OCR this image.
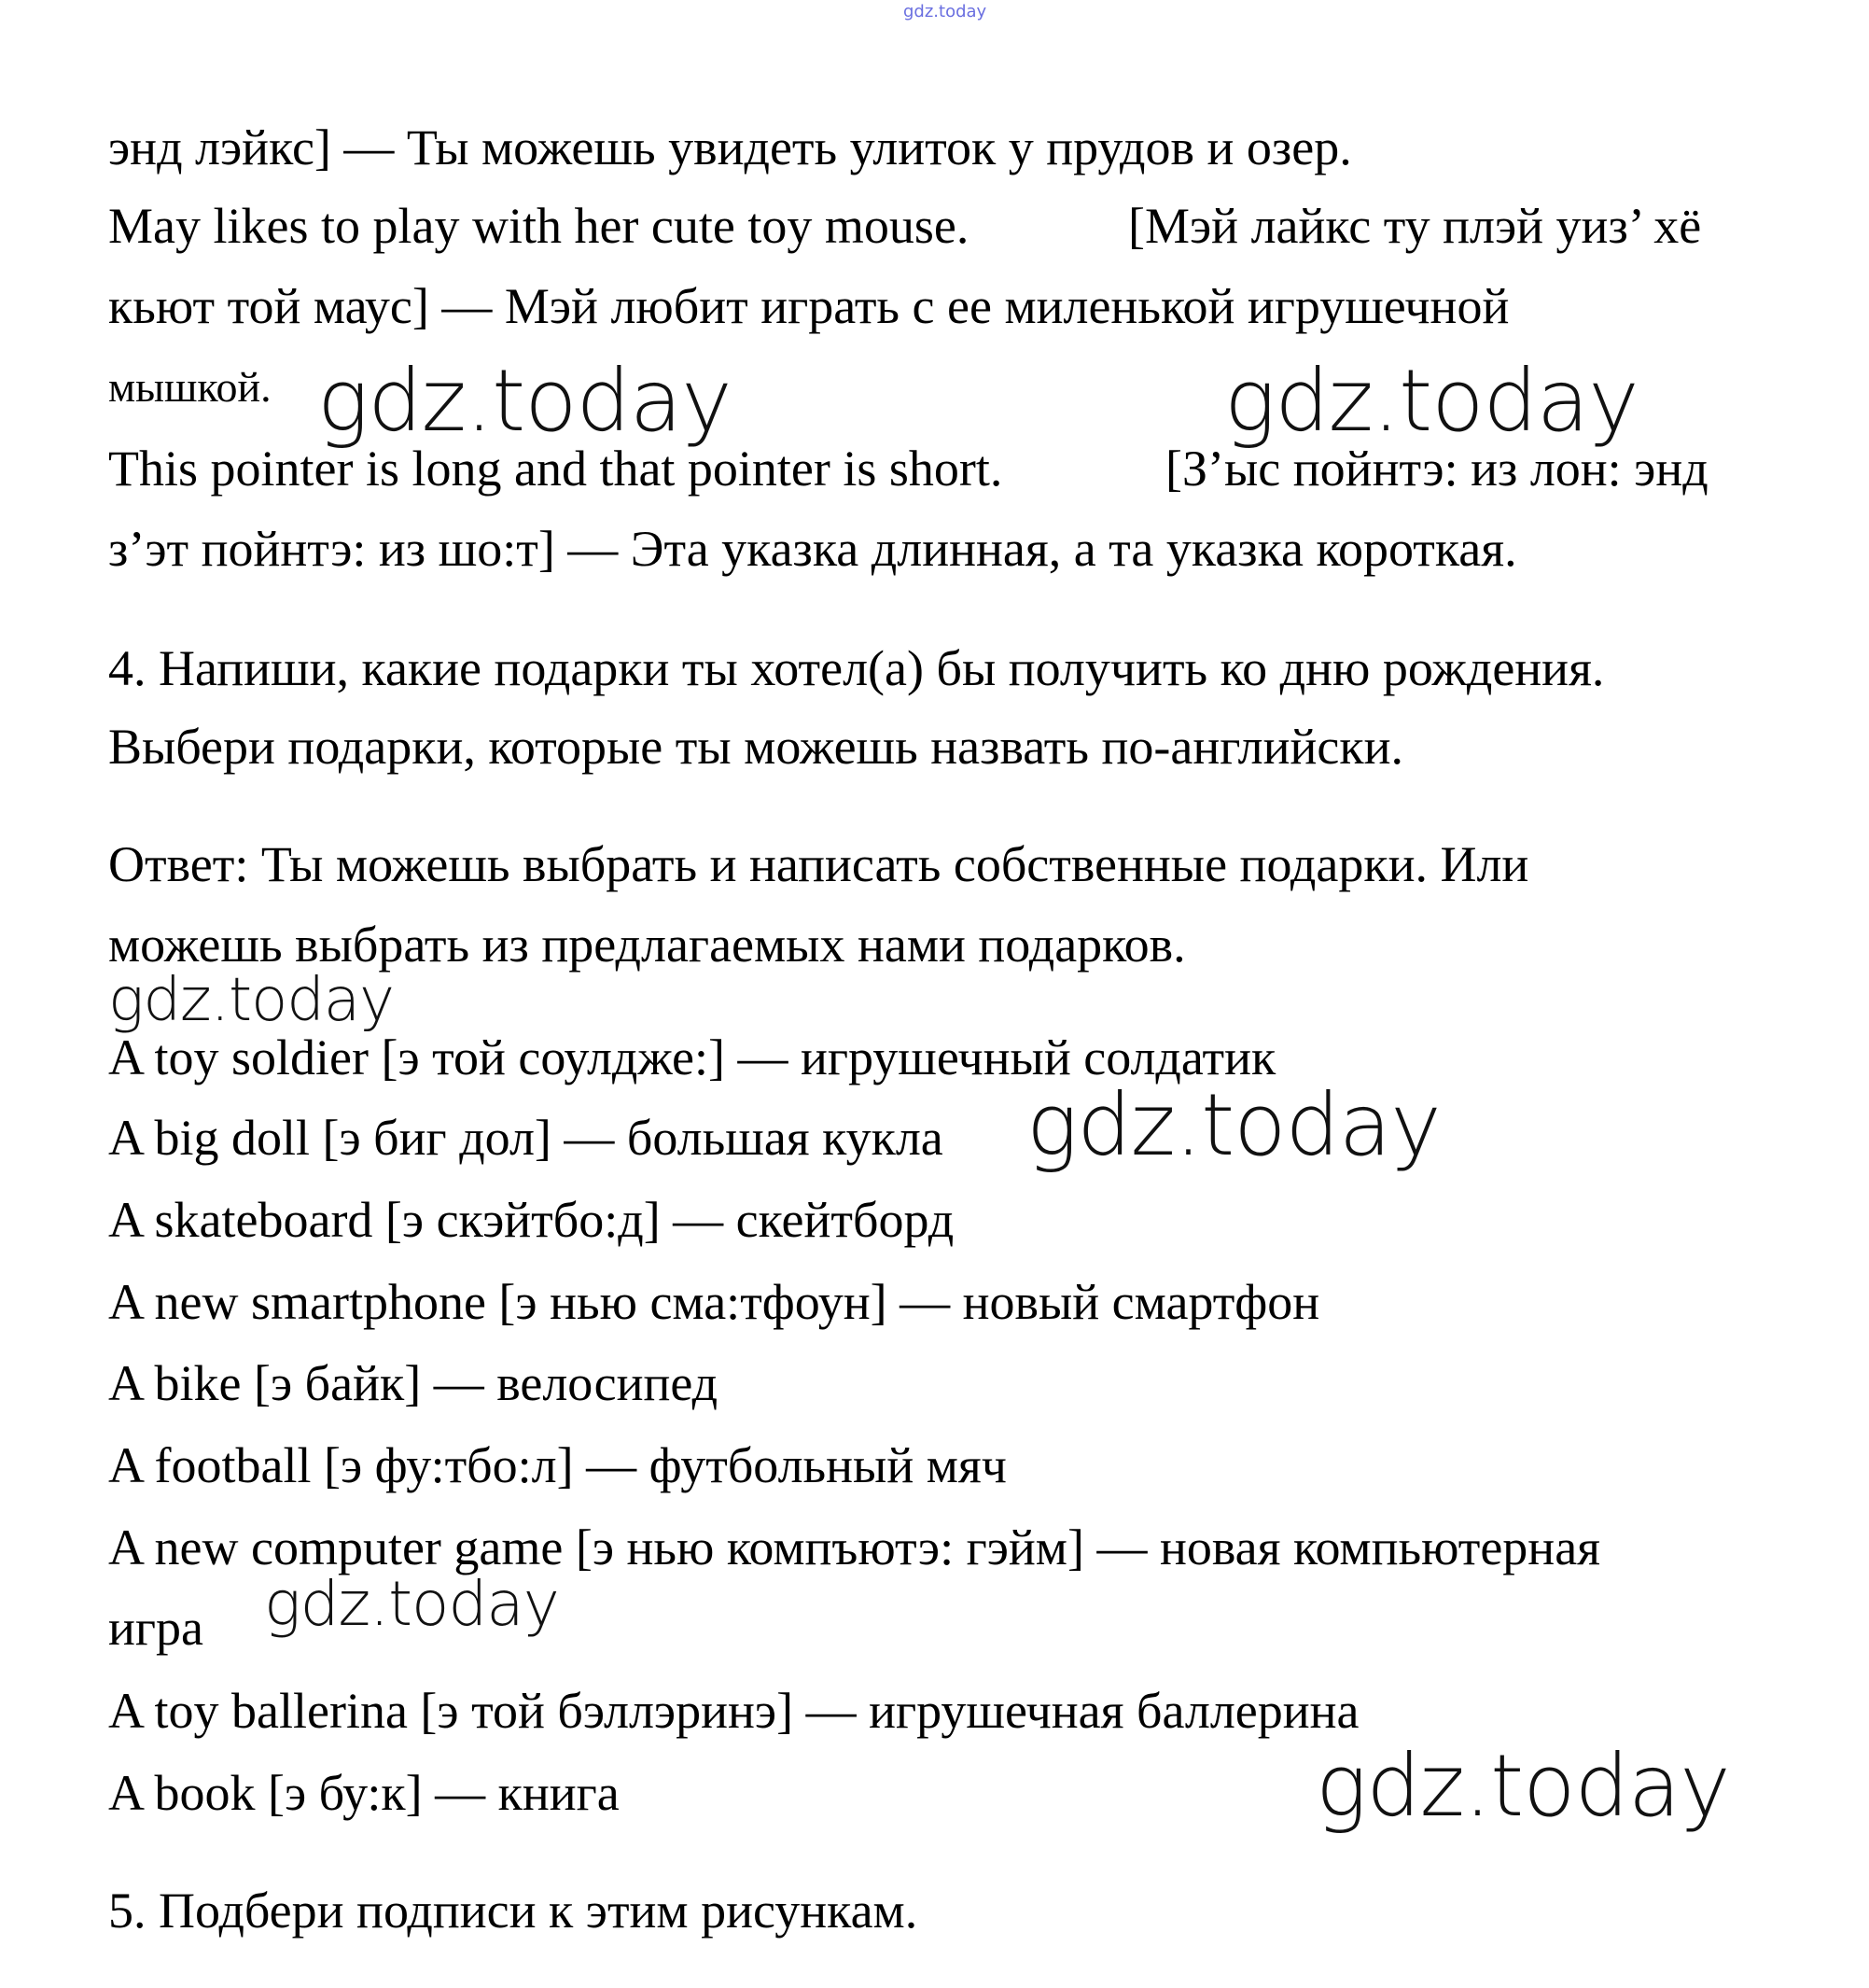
gdz.today
энд лэйкс] — Ты можешь увидеть улиток у прудов и озер.
May likes to play with her cute toy mouse.	[Мэй лайкс ту плэй уиз’ хё
кьют той маус] — Мэй любит играть с ее миленькой игрушечной
мышкой.
This pointer is long and that pointer is short.	[З’ыс пойнтэ: из лон: энд
з’эт пойнтэ: из шо:т] — Эта указка длинная, а та указка короткая.
4. Напиши, какие подарки ты хотел(а) бы получить ко дню рождения.
Выбери подарки, которые ты можешь назвать по-английски.
Ответ: Ты можешь выбрать и написать собственные подарки. Или
можешь выбрать из предлагаемых нами подарков.
A toy soldier [э той соулдже:] — игрушечный солдатик
A big doll [э биг дол] — большая кукла
A skateboard [э скэйтбо:д] — скейтборд
A new smartphone [э нью сма:тфоун] — новый смартфон
A bike [э байк] — велосипед
A football [э фу:тбо:л] — футбольный мяч
A new computer game [э нью компъютэ: гэйм] — новая компьютерная
игра
A toy ballerina [э той бэллэринэ] — игрушечная баллерина
A book [э бу:к] — книга
5. Подбери подписи к этим рисункам.
gdz.today	gdz.today
gdz.today
gdz.today
gdz.today
gdz.today
